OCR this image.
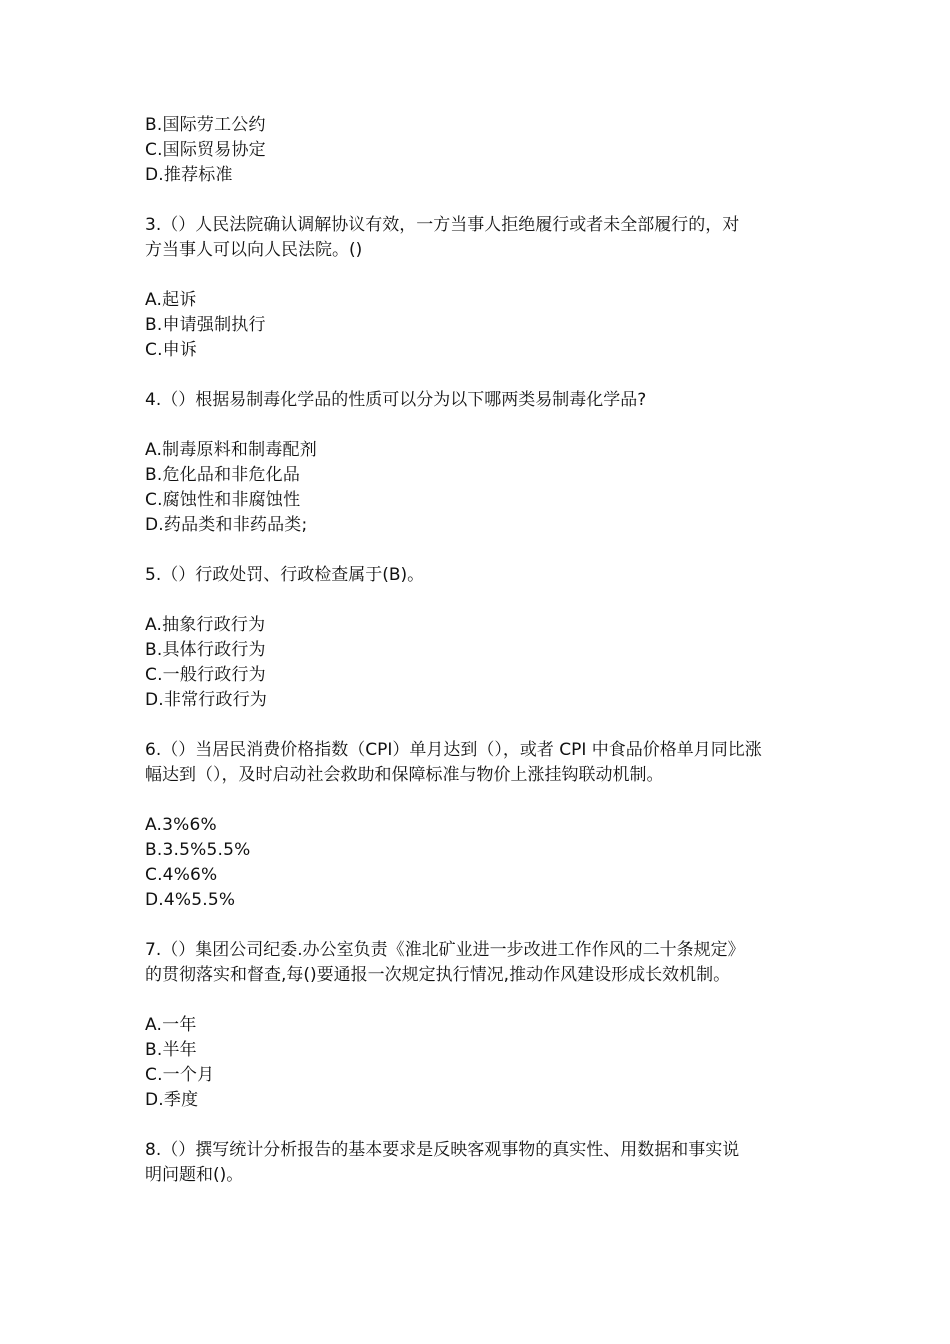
B.国际劳工公约
C.国际贸易协定
D.推荐标准
3.（）人民法院确认调解协议有效，一方当事人拒绝履行或者未全部履行的，对
方当事人可以向人民法院。()
A.起诉
B.申请强制执行
C.申诉
4.（）根据易制毒化学品的性质可以分为以下哪两类易制毒化学品?
A.制毒原料和制毒配剂
B.危化品和非危化品
C.腐蚀性和非腐蚀性
D.药品类和非药品类;
5.（）行政处罚、行政检查属于(B)。
A.抽象行政行为
B.具体行政行为
C.一般行政行为
D.非常行政行为
6.（）当居民消费价格指数（CPI）单月达到（），或者 CPI 中食品价格单月同比涨
幅达到（），及时启动社会救助和保障标准与物价上涨挂钩联动机制。
A.3%6%
B.3.5%5.5%
C.4%6%
D.4%5.5%
7.（）集团公司纪委.办公室负责《淮北矿业进一步改进工作作风的二十条规定》
的贯彻落实和督查,每()要通报一次规定执行情况,推动作风建设形成长效机制。
A.一年
B.半年
C.一个月
D.季度
8.（）撰写统计分析报告的基本要求是反映客观事物的真实性、用数据和事实说
明问题和()。
